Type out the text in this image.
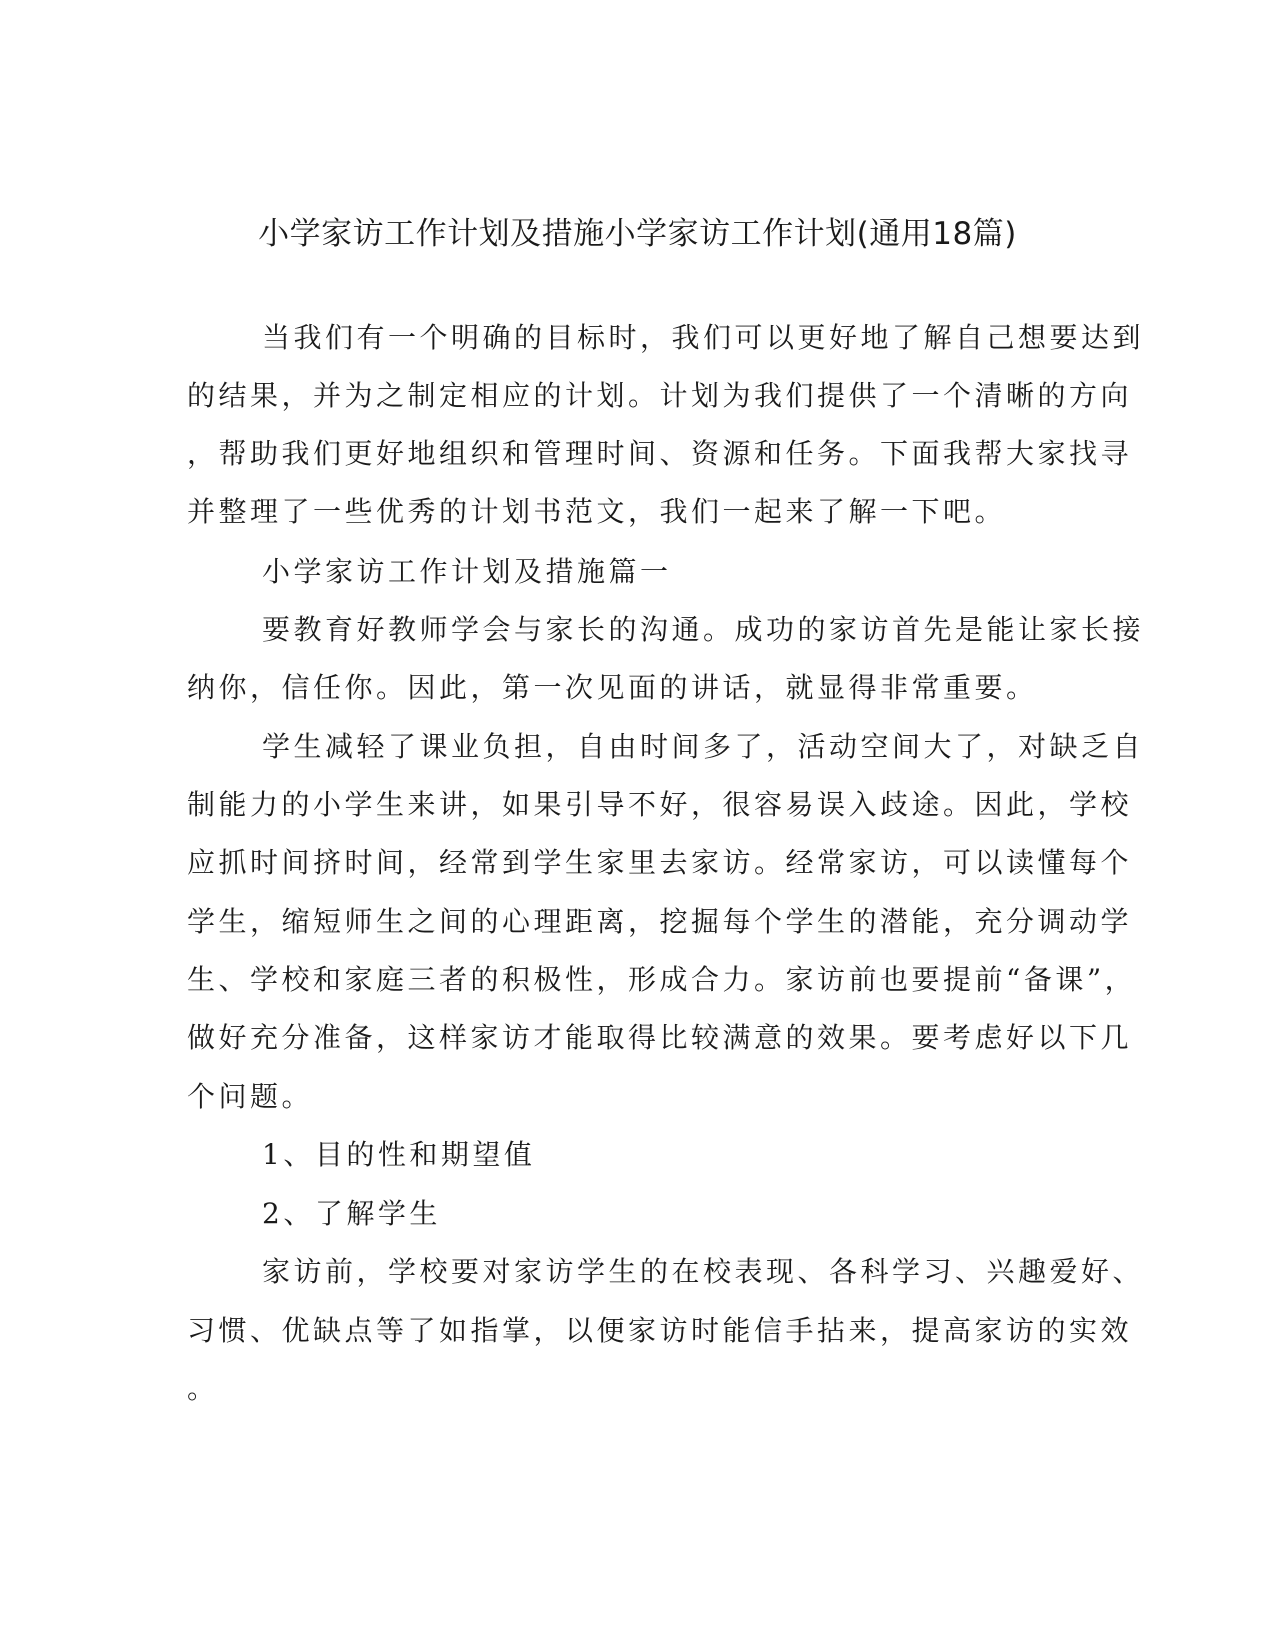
小学家访工作计划及措施小学家访工作计划(通用18篇)
当我们有一个明确的目标时，我们可以更好地了解自己想要达到
的结果，并为之制定相应的计划。计划为我们提供了一个清晰的方向
，帮助我们更好地组织和管理时间、资源和任务。下面我帮大家找寻
并整理了一些优秀的计划书范文，我们一起来了解一下吧。
小学家访工作计划及措施篇一
要教育好教师学会与家长的沟通。成功的家访首先是能让家长接
纳你，信任你。因此，第一次见面的讲话，就显得非常重要。
学生减轻了课业负担，自由时间多了，活动空间大了，对缺乏自
制能力的小学生来讲，如果引导不好，很容易误入歧途。因此，学校
应抓时间挤时间，经常到学生家里去家访。经常家访，可以读懂每个
学生，缩短师生之间的心理距离，挖掘每个学生的潜能，充分调动学
生、学校和家庭三者的积极性，形成合力。家访前也要提前“备课”，
做好充分准备，这样家访才能取得比较满意的效果。要考虑好以下几
个问题。
1、目的性和期望值
2、了解学生
家访前，学校要对家访学生的在校表现、各科学习、兴趣爱好、
习惯、优缺点等了如指掌，以便家访时能信手拈来，提高家访的实效
。
